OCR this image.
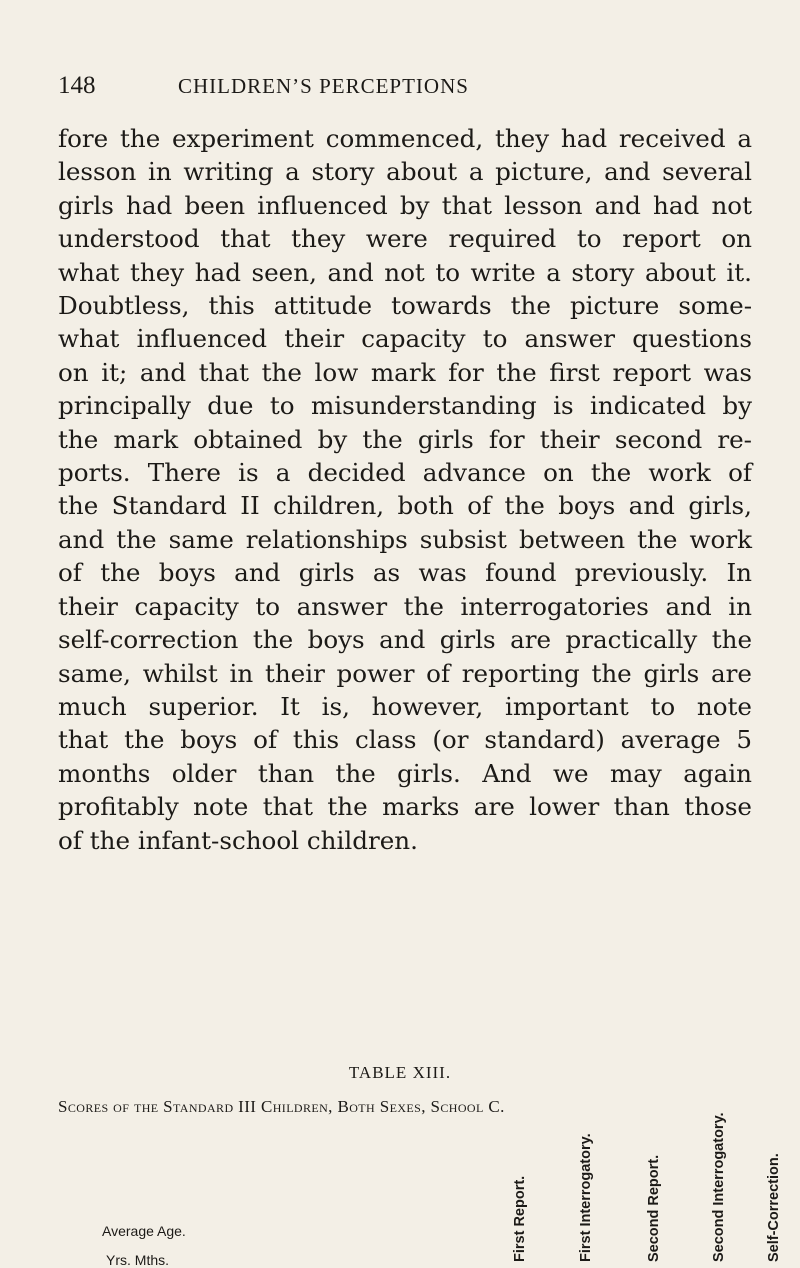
148	CHILDREN’S PERCEPTIONS
fore the experiment commenced, they had received a
lesson in writing a story about a picture, and several
girls had been influenced by that lesson and had not
understood that they were required to report on
what they had seen, and not to write a story about it.
Doubtless, this attitude towards the picture some-
what influenced their capacity to answer questions
on it; and that the low mark for the first report was
principally due to misunderstanding is indicated by
the mark obtained by the girls for their second re-
ports. There is a decided advance on the work of
the Standard II children, both of the boys and girls,
and the same relationships subsist between the work
of the boys and girls as was found previously. In
their capacity to answer the interrogatories and in
self-correction the boys and girls are practically the
same, whilst in their power of reporting the girls are
much superior. It is, however, important to note
that the boys of this class (or standard) average 5
months older than the girls. And we may again
profitably note that the marks are lower than those
of the infant-school children.
TABLE XIII.
Scores of the Standard III Children, Both Sexes, School C.
Average Age.
Yrs. Mths.	First Report.	First Interrogatory.	Second Report.	Second Interrogatory.	Self-Correction.
